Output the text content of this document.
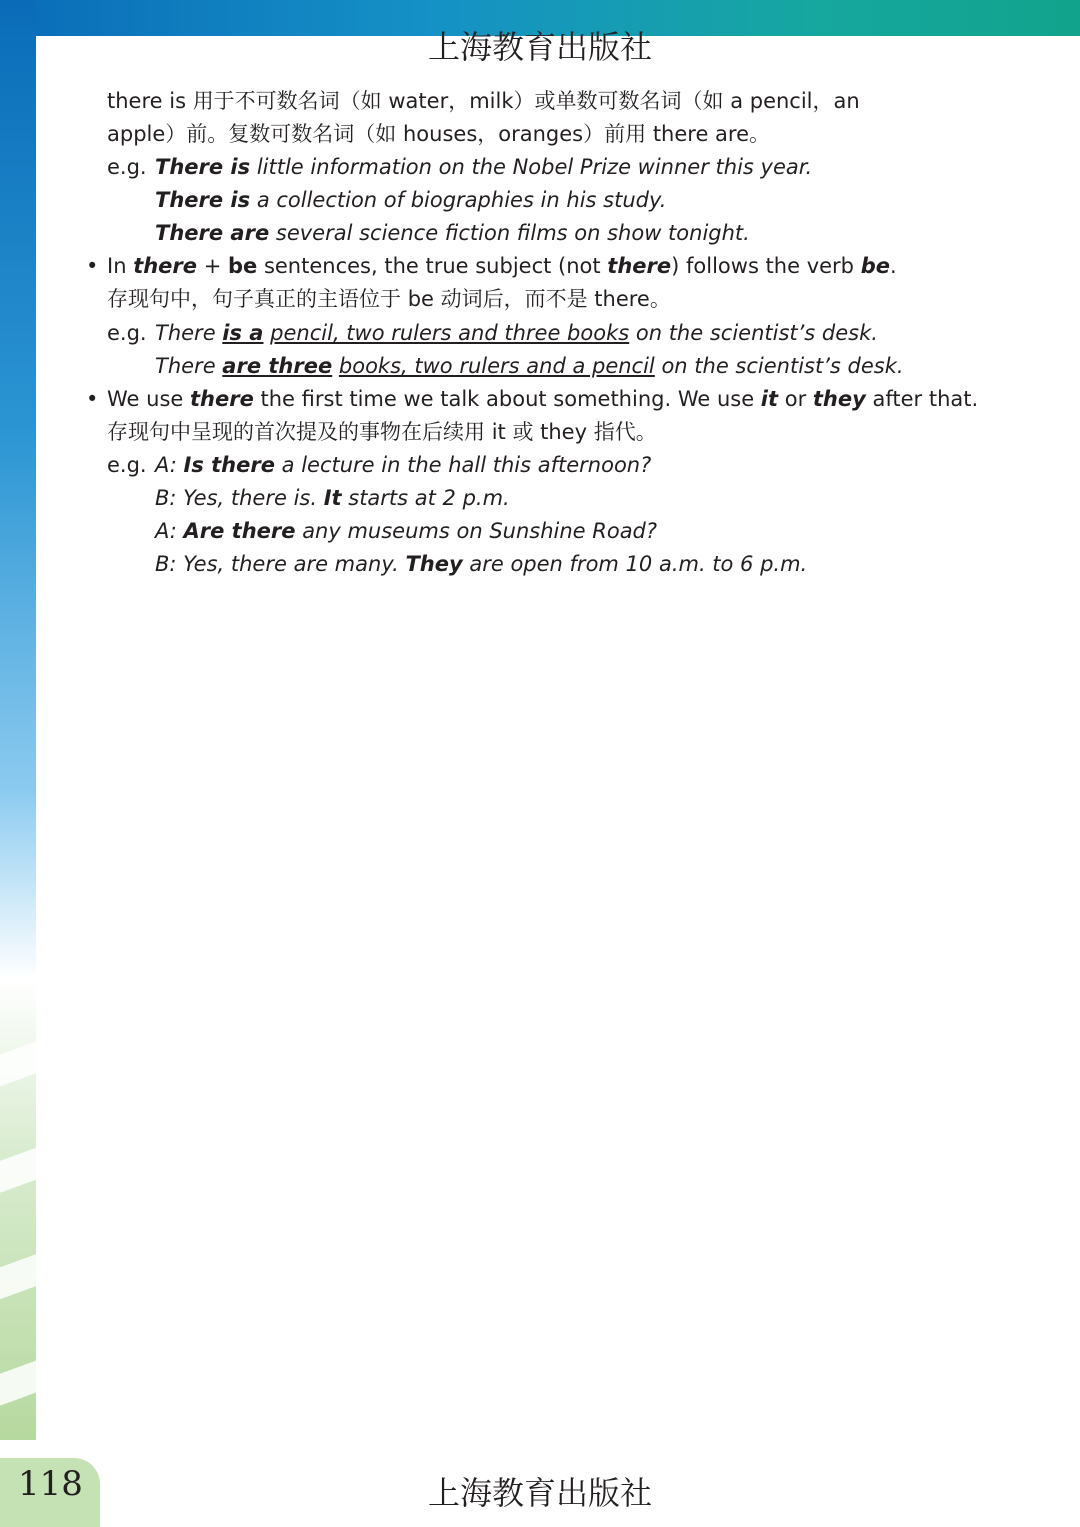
上海教育出版社
there is 用于不可数名词（如 water，milk）或单数可数名词（如 a pencil，an
apple）前。复数可数名词（如 houses，oranges）前用 there are。
e.g. There is little information on the Nobel Prize winner this year.
There is a collection of biographies in his study.
There are several science fiction films on show tonight.
• In there + be sentences, the true subject (not there) follows the verb be.
存现句中，句子真正的主语位于 be 动词后，而不是 there。
e.g. There is a pencil, two rulers and three books on the scientist’s desk.
There are three books, two rulers and a pencil on the scientist’s desk.
• We use there the first time we talk about something. We use it or they after that.
存现句中呈现的首次提及的事物在后续用 it 或 they 指代。
e.g. A: Is there a lecture in the hall this afternoon?
B: Yes, there is. It starts at 2 p.m.
A: Are there any museums on Sunshine Road?
B: Yes, there are many. They are open from 10 a.m. to 6 p.m.
118	上海教育出版社
